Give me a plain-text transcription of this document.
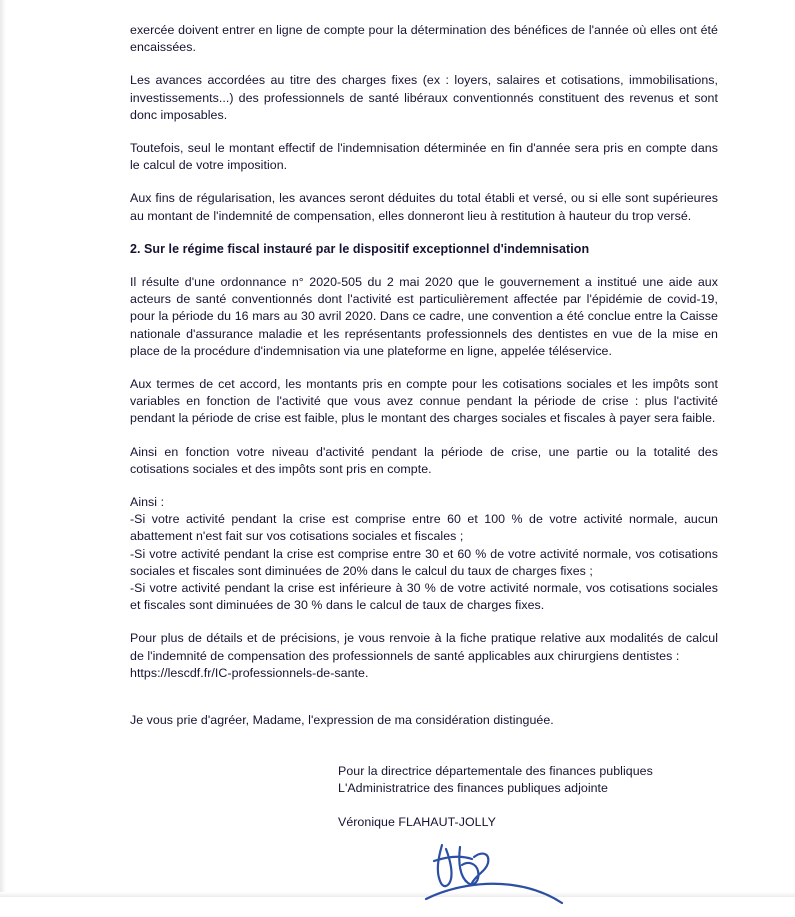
exercée doivent entrer en ligne de compte pour la détermination des bénéfices de l'année où elles ont été encaissées.

Les avances accordées au titre des charges fixes (ex : loyers, salaires et cotisations, immobilisations, investissements...) des professionnels de santé libéraux conventionnés constituent des revenus et sont donc imposables.

Toutefois, seul le montant effectif de l'indemnisation déterminée en fin d'année sera pris en compte dans le calcul de votre imposition.

Aux fins de régularisation, les avances seront déduites du total établi et versé, ou si elle sont supérieures au montant de l'indemnité de compensation, elles donneront lieu à restitution à hauteur du trop versé.

2. Sur le régime fiscal instauré par le dispositif exceptionnel d'indemnisation

Il résulte d'une ordonnance n° 2020-505 du 2 mai 2020 que le gouvernement a institué une aide aux acteurs de santé conventionnés dont l'activité est particulièrement affectée par l'épidémie de covid-19, pour la période du 16 mars au 30 avril 2020. Dans ce cadre, une convention a été conclue entre la Caisse nationale d'assurance maladie et les représentants professionnels des dentistes en vue de la mise en place de la procédure d'indemnisation via une plateforme en ligne, appelée téléservice.

Aux termes de cet accord, les montants pris en compte pour les cotisations sociales et les impôts sont variables en fonction de l'activité que vous avez connue pendant la période de crise : plus l'activité pendant la période de crise est faible, plus le montant des charges sociales et fiscales à payer sera faible.

Ainsi en fonction votre niveau d'activité pendant la période de crise, une partie ou la totalité des cotisations sociales et des impôts sont pris en compte.

Ainsi :

-Si votre activité pendant la crise est comprise entre 60 et 100 % de votre activité normale, aucun abattement n'est fait sur vos cotisations sociales et fiscales ;

-Si votre activité pendant la crise est comprise entre 30 et 60 % de votre activité normale, vos cotisations sociales et fiscales sont diminuées de 20% dans le calcul du taux de charges fixes ;

-Si votre activité pendant la crise est inférieure à 30 % de votre activité normale, vos cotisations sociales et fiscales sont diminuées de 30 % dans le calcul de taux de charges fixes.

Pour plus de détails et de précisions, je vous renvoie à la fiche pratique relative aux modalités de calcul de l'indemnité de compensation des professionnels de santé applicables aux chirurgiens dentistes :

https://lescdf.fr/IC-professionnels-de-sante.

Je vous prie d'agréer, Madame, l'expression de ma considération distinguée.

Pour la directrice départementale des finances publiques

L'Administratrice des finances publiques adjointe

Véronique FLAHAUT-JOLLY
